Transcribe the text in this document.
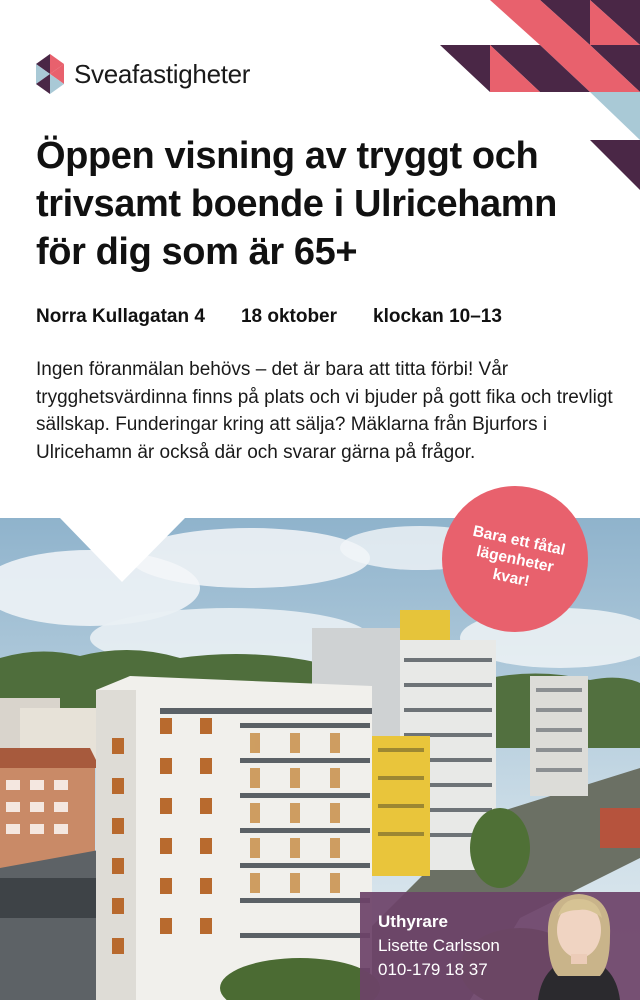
Sveafastigheter
Öppen visning av tryggt och
trivsamt boende i Ulricehamn
för dig som är 65+
Norra Kullagatan 4 18 oktober klockan 10–13

Ingen föranmälan behövs – det är bara att titta förbi! Vår trygghetsvärdinna finns på plats och vi bjuder på gott fika och trevligt sällskap. Funderingar kring att sälja? Mäklarna från Bjurfors i Ulricehamn är också där och svarar gärna på frågor.

Bara ett fåtal lägenheter kvar!
Uthyrare
Lisette Carlsson
010-179 18 37
